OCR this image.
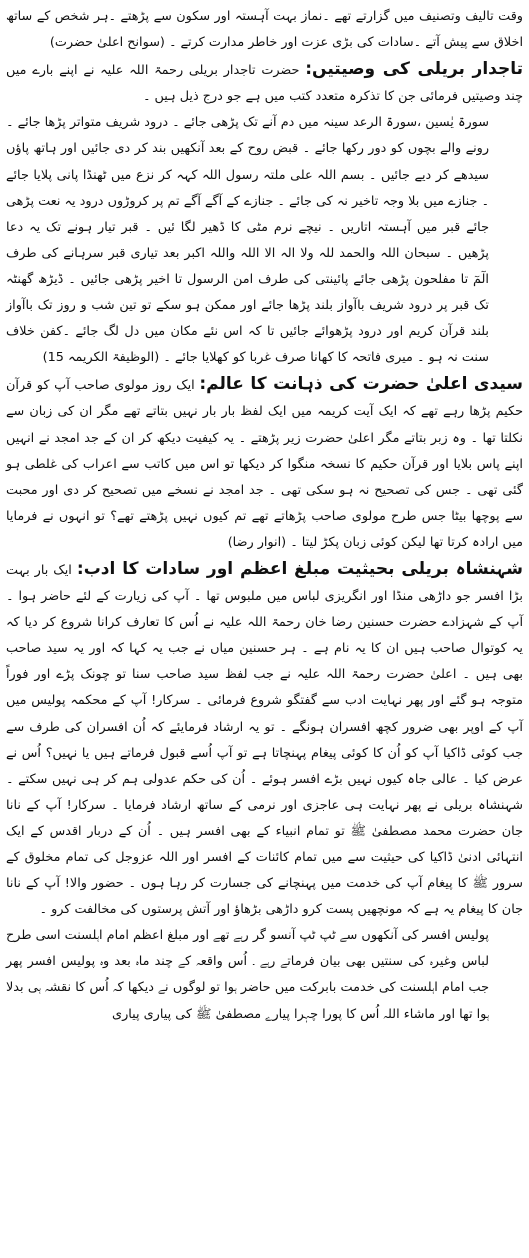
وقت تالیف وتصنیف میں گزارتے تھے ۔نماز بہت آہستہ اور سکون سے پڑھتے ۔ہر شخص کے ساتھ اخلاق سے پیش آتے ۔سادات کی بڑی عزت اور خاطر مدارت کرتے ۔ (سوانح اعلیٰ حضرت)

تاجدار بریلی کی وصیتیں: حضرت تاجدار بریلی رحمۃ اللہ علیہ نے اپنے بارے میں چند وصیتیں فرمائی جن کا تذکرہ متعدد کتب میں ہے جو درج ذیل ہیں ۔

سورۃ یٰسین ،سورۃ الرعد سینہ میں دم آنے تک پڑھی جائے ۔ درود شریف متواتر پڑھا جائے ۔ رونے والے بچوں کو دور رکھا جائے ۔ قبض روح کے بعد آنکھیں بند کر دی جائیں اور ہاتھ پاؤں سیدھے کر دیے جائیں ۔ بسم اللہ علی ملتہ رسول اللہ کہہ کر نزع میں ٹھنڈا پانی پلایا جائے ۔ جنازے میں بلا وجہ تاخیر نہ کی جائے ۔ جنازے کے آگے آگے تم پر کروڑوں درود یہ نعت پڑھی جائے قبر میں آہستہ اتاریں ۔ نیچے نرم مٹی کا ڈھیر لگا ئیں ۔ قبر تیار ہونے تک یہ دعا پڑھیں ۔ سبحان اللہ والحمد للہ ولا الہ الا اللہ واللہ اکبر بعد تیاری قبر سرہانے کی طرف الٓمٓ تا مفلحون پڑھی جائے پائینتی کی طرف امن الرسول تا اخیر پڑھی جائیں ۔ ڈیڑھ گھنٹہ تک قبر پر درود شریف باآواز بلند پڑھا جائے اور ممکن ہو سکے تو تین شب و روز تک باآواز بلند قرآن کریم اور درود پڑھوائے جائیں تا کہ اس نئے مکان میں دل لگ جائے ۔کفن خلاف سنت نہ ہو ۔ میری فاتحہ کا کھانا صرف غربا کو کھلایا جائے ۔ (الوظیفۃ الکریمہ 15)

سیدی اعلیٰ حضرت کی ذہانت کا عالم: ایک روز مولوی صاحب آپ کو قرآن حکیم پڑھا رہے تھے کہ ایک آیت کریمہ میں ایک لفظ بار بار نہیں بتاتے تھے مگر ان کی زبان سے نکلتا تھا ۔ وہ زبر بتاتے مگر اعلیٰ حضرت زیر پڑھتے ۔ یہ کیفیت دیکھ کر ان کے جد امجد نے انہیں اپنے پاس بلایا اور قرآن حکیم کا نسخہ منگوا کر دیکھا تو اس میں کاتب سے اعراب کی غلطی ہو گئی تھی ۔ جس کی تصحیح نہ ہو سکی تھی ۔ جد امجد نے نسخے میں تصحیح کر دی اور محبت سے پوچھا بیٹا جس طرح مولوی صاحب پڑھاتے تھے تم کیوں نہیں پڑھتے تھے؟ تو انہوں نے فرمایا میں ارادہ کرتا تھا لیکن کوئی زبان پکڑ لیتا ۔ (انوار رضا)

شہنشاہ بریلی بحیثیت مبلغ اعظم اور سادات کا ادب: ایک بار بہت بڑا افسر جو داڑھی منڈا اور انگریزی لباس میں ملبوس تھا ۔ آپ کی زیارت کے لئے حاضر ہوا ۔ آپ کے شہزادے حضرت حسنین رضا خان رحمۃ اللہ علیہ نے اُس کا تعارف کرانا شروع کر دیا کہ یہ کوتوال صاحب ہیں ان کا یہ نام ہے ۔ ہر حسنین میاں نے جب یہ کہا کہ اور یہ سید صاحب بھی ہیں ۔ اعلیٰ حضرت رحمۃ اللہ علیہ نے جب لفظ سید صاحب سنا تو چونک پڑے اور فوراً متوجہ ہو گئے اور پھر نہایت ادب سے گفتگو شروع فرمائی ۔ سرکار! آپ کے محکمہ پولیس میں آپ کے اوپر بھی ضرور کچھ افسران ہونگے ۔ تو یہ ارشاد فرمایئے کہ اُن افسران کی طرف سے جب کوئی ڈاکیا آپ کو اُن کا کوئی پیغام پہنچاتا ہے تو آپ اُسے قبول فرماتے ہیں یا نہیں؟ اُس نے عرض کیا ۔ عالی جاہ کیوں نہیں بڑے افسر ہوئے ۔ اُن کی حکم عدولی ہم کر ہی نہیں سکتے ۔ شہنشاہ بریلی نے پھر نہایت ہی عاجزی اور نرمی کے ساتھ ارشاد فرمایا ۔ سرکار! آپ کے نانا جان حضرت محمد مصطفیٰ ﷺ تو تمام انبیاء کے بھی افسر ہیں ۔ اُن کے دربار اقدس کے ایک انتہائی ادنیٰ ڈاکیا کی حیثیت سے میں تمام کائنات کے افسر اور اللہ عزوجل کی تمام مخلوق کے سرور ﷺ کا پیغام آپ کی خدمت میں پہنچانے کی جسارت کر رہا ہوں ۔ حضور والا! آپ کے نانا جان کا پیغام یہ ہے کہ مونچھیں پست کرو داڑھی بڑھاؤ اور آتش پرستوں کی مخالفت کرو ۔

پولیس افسر کی آنکھوں سے ٹپ ٹپ آنسو گر رہے تھے اور مبلغ اعظم امام اہلسنت اسی طرح لباس وغیرہ کی سنتیں بھی بیان فرماتے رہے ۔ اُس واقعہ کے چند ماہ بعد وہ پولیس افسر پھر جب امام اہلسنت کی خدمت بابرکت میں حاضر ہوا تو لوگوں نے دیکھا کہ اُس کا نقشہ ہی بدلا ہوا تھا اور ماشاء اللہ اُس کا پورا چہرا پیارے مصطفیٰ ﷺ کی پیاری پیاری
